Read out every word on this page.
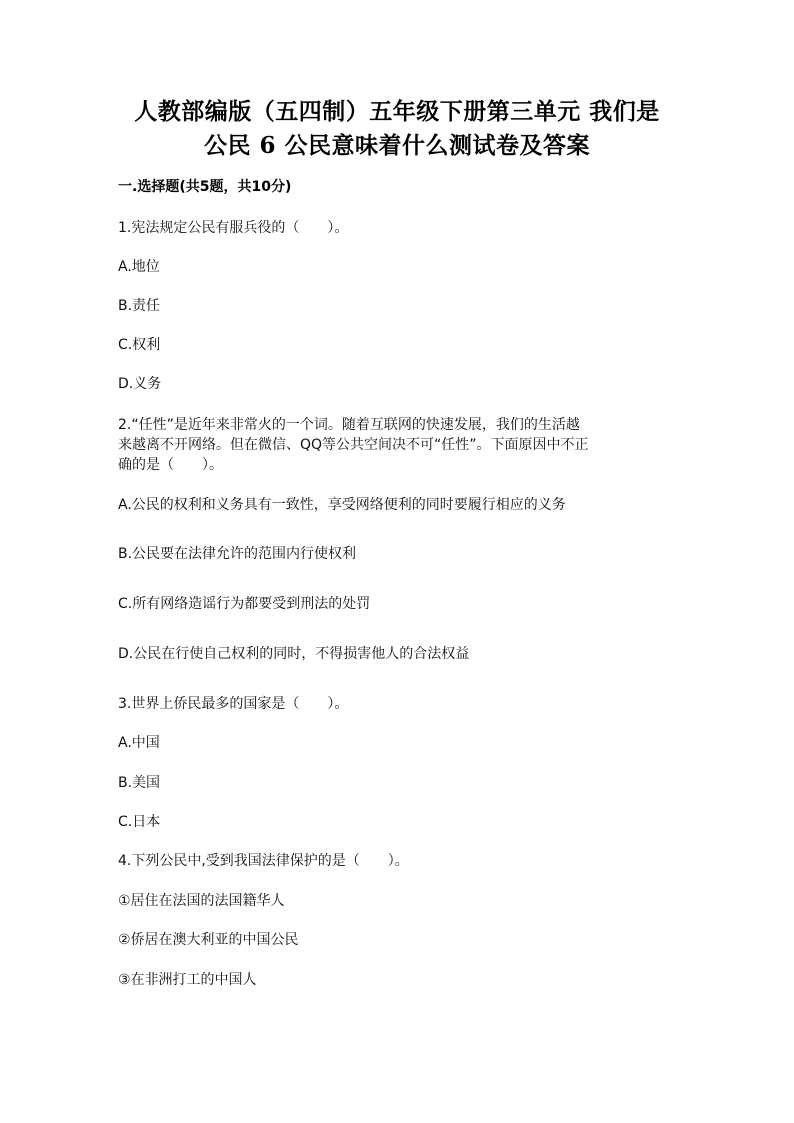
人教部编版（五四制）五年级下册第三单元 我们是
公民 6 公民意味着什么测试卷及答案
一.选择题(共5题，共10分)
1.宪法规定公民有服兵役的（　　）。
A.地位
B.责任
C.权利
D.义务
2.“任性”是近年来非常火的一个词。随着互联网的快速发展，我们的生活越
来越离不开网络。但在微信、QQ等公共空间决不可“任性”。下面原因中不正
确的是（　　）。
A.公民的权利和义务具有一致性，享受网络便利的同时要履行相应的义务
B.公民要在法律允许的范围内行使权利
C.所有网络造谣行为都要受到刑法的处罚
D.公民在行使自己权利的同时，不得损害他人的合法权益
3.世界上侨民最多的国家是（　　）。
A.中国
B.美国
C.日本
4.下列公民中,受到我国法律保护的是（　　）。
①居住在法国的法国籍华人
②侨居在澳大利亚的中国公民
③在非洲打工的中国人
